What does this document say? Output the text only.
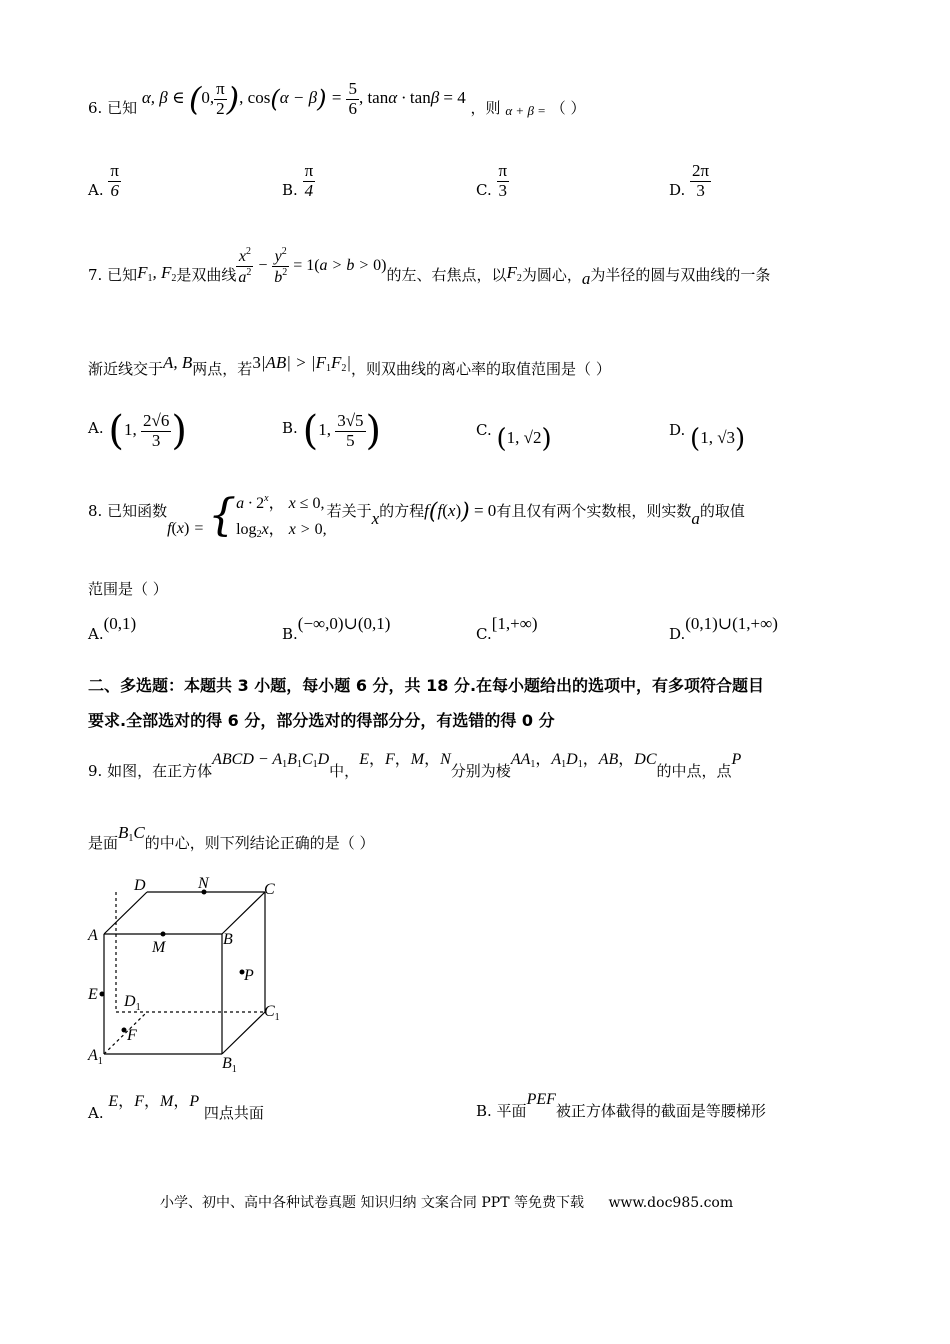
6. 已知 α, β ∈ (0, $\frac{\pi}{2}$ ), $\cos(\alpha - \beta) = \frac{5}{6}$ , tanα · tanβ = 4 ，则 α + β = （ ）
A. $\frac{\pi}{6}$	B. $\frac{\pi}{4}$	C. $\frac{\pi}{3}$	D. $\frac{2\pi}{3}$
7. 已知$F_1$, $F_2$是双曲线 $\frac{x^2}{a^2} - \frac{y^2}{b^2} = 1(a > b > 0)$的左、右焦点，以$F_2$为圆心，a为半径的圆与双曲线的一条
渐近线交于A, B两点，若$3|AB| > |F_1F_2|$，则双曲线的离心率的取值范围是（ ）
A. (1, $\frac{2√6}{3}$ )	B. (1, $\frac{3√5}{5}$ )	C. (1, √2)	D. (1, √3)
8. 已知函数$f(x) = \{a \cdot 2^x$， x ≤ 0,
$\log_2x$， x > 0,若关于x的方程f(f(x)) = 0有且仅有两个实数根，则实数a的取值
范围是（ ）
A.(0,1)
B.(−∞,0)∪(0,1)
C.[1,+∞)
D.(0,1)∪(1,+∞)
二、多选题：本题共 3 小题，每小题 6 分，共 18 分.在每小题给出的选项中，有多项符合题目
要求.全部选对的得 6 分，部分选对的得部分分，有选错的得 0 分
9. 如图，在正方体ABCD − $A_1B_1C_1D$中，E，F，M，N分别为棱$AA_1$，$A_1D_1$，AB，DC的中点，点P
是面$B_1C$的中心，则下列结论正确的是（ ）
D	N	C
A
M	B
P
E $D_1$	$C_1$
F
$A_1$	$B_1$
A. E，F，M，P 四点共面	B. 平面PEF被正方体截得的截面是等腰梯形
小学、初中、高中各种试卷真题 知识归纳 文案合同 PPT 等免费下载 www.doc985.com
